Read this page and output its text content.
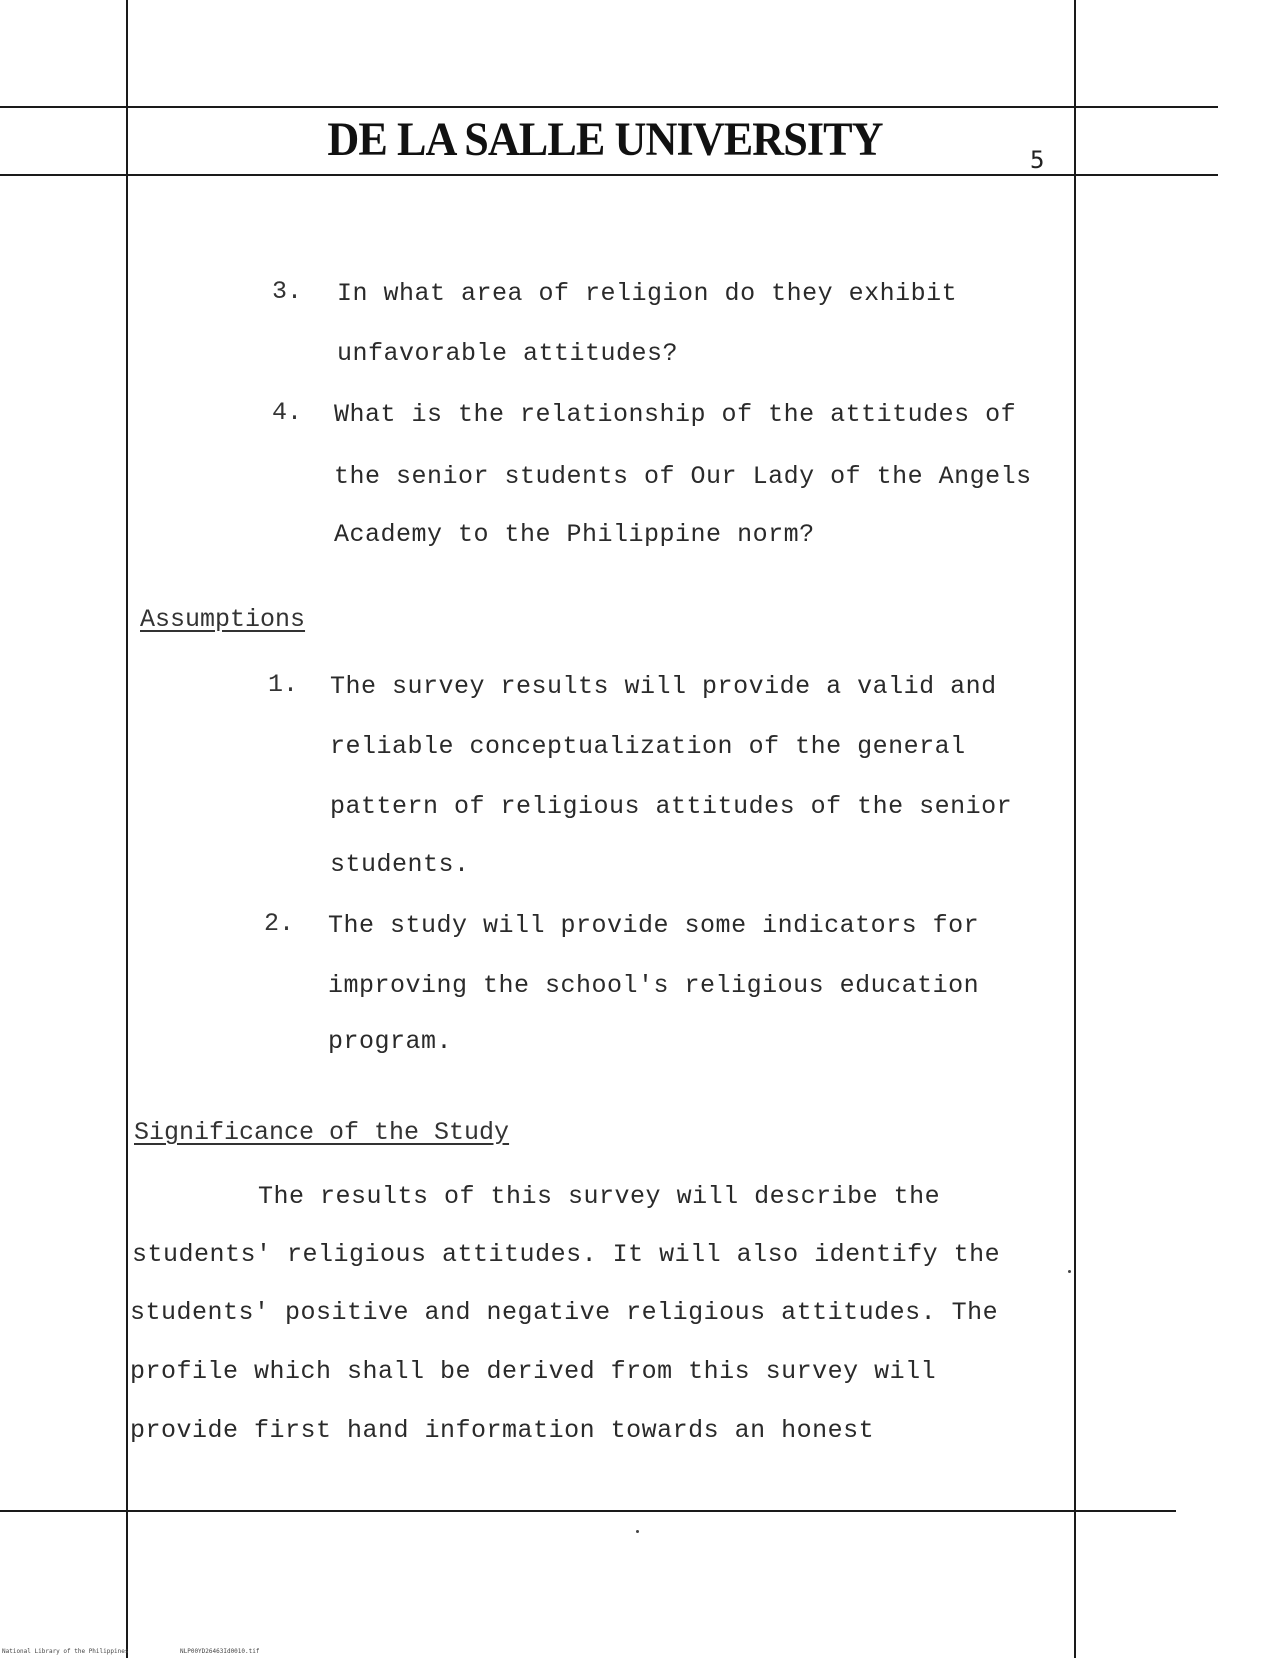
DE LA SALLE UNIVERSITY	5
3. In what area of religion do they exhibit
unfavorable attitudes?
4. What is the relationship of the attitudes of
the senior students of Our Lady of the Angels
Academy to the Philippine norm?
Assumptions
1. The survey results will provide a valid and
reliable conceptualization of the general
pattern of religious attitudes of the senior
students.
2. The study will provide some indicators for
improving the school's religious education
program.
Significance of the Study
The results of this survey will describe the
students' religious attitudes. It will also identify the
students' positive and negative religious attitudes. The
profile which shall be derived from this survey will
provide first hand information towards an honest
National Library of the Philippines	NLP00YD26463Id0010.tif
